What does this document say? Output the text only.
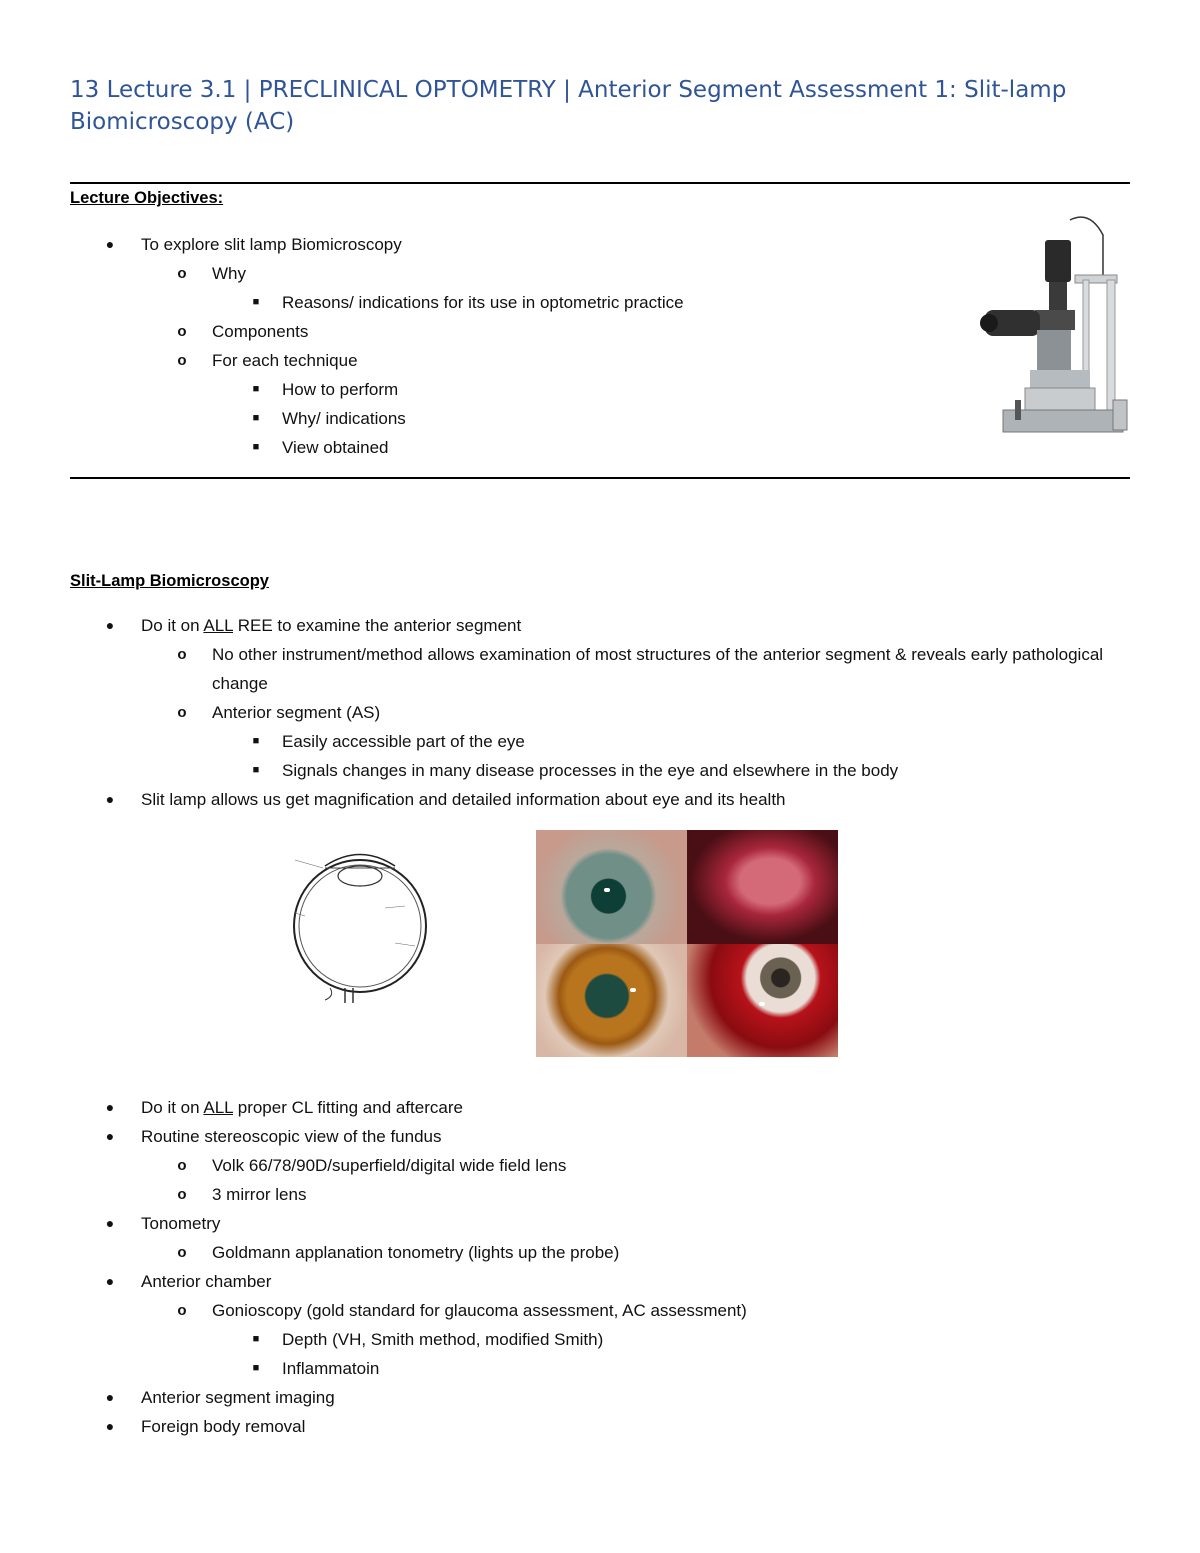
13 Lecture 3.1 | PRECLINICAL OPTOMETRY | Anterior Segment Assessment 1: Slit-lamp Biomicroscopy (AC)
Lecture Objectives:
●	To explore slit lamp Biomicroscopy
o	Why
■	Reasons/ indications for its use in optometric practice
o	Components
o	For each technique
■	How to perform
■	Why/ indications
■	View obtained
Slit-Lamp Biomicroscopy
●	Do it on ALL REE to examine the anterior segment
o	No other instrument/method allows examination of most structures of the anterior segment & reveals early pathological change
o	Anterior segment (AS)
■	Easily accessible part of the eye
■	Signals changes in many disease processes in the eye and elsewhere in the body
●	Slit lamp allows us get magnification and detailed information about eye and its health
●	Do it on ALL proper CL fitting and aftercare
●	Routine stereoscopic view of the fundus
o	Volk 66/78/90D/superfield/digital wide field lens
o	3 mirror lens
●	Tonometry
o	Goldmann applanation tonometry (lights up the probe)
●	Anterior chamber
o	Gonioscopy (gold standard for glaucoma assessment, AC assessment)
■	Depth (VH, Smith method, modified Smith)
■	Inflammatoin
●	Anterior segment imaging
●	Foreign body removal
